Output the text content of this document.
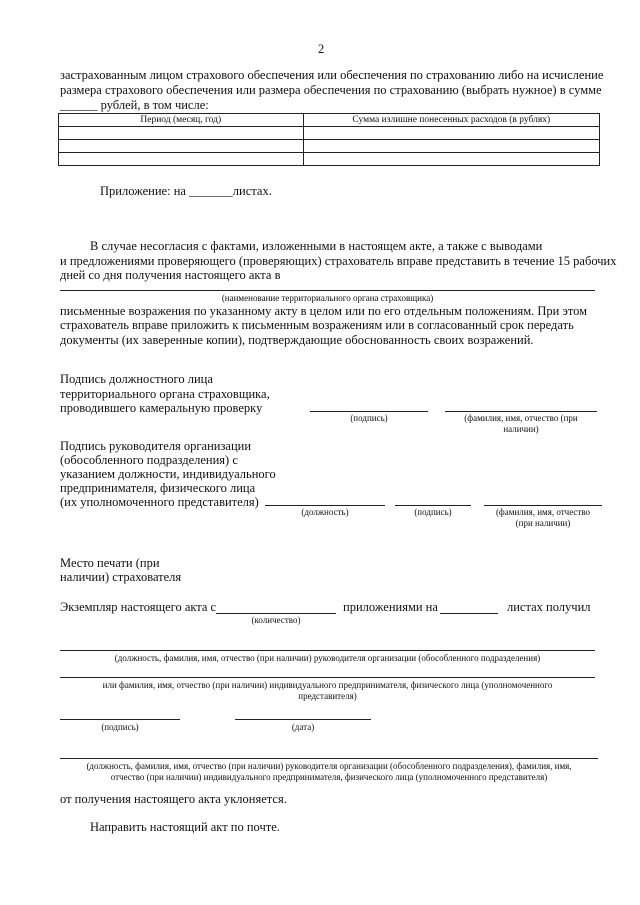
2
застрахованным лицом страхового обеспечения или обеспечения по страхованию либо на исчисление
размера страхового обеспечения или размера обеспечения по страхованию (выбрать нужное) в сумме
______ рублей, в том числе:
Период (месяц, год)	Сумма излишне понесенных расходов (в рублях)

Приложение: на _______листах.
В случае несогласия с фактами, изложенными в настоящем акте, а также с выводами
и предложениями проверяющего (проверяющих) страхователь вправе представить в течение 15 рабочих
дней со дня получения настоящего акта в
(наименование территориального органа страховщика)
письменные возражения по указанному акту в целом или по его отдельным положениям. При этом
страхователь вправе приложить к письменным возражениям или в согласованный срок передать
документы (их заверенные копии), подтверждающие обоснованность своих возражений.
Подпись должностного лица
территориального органа страховщика,
проводившего камеральную проверку
(подпись)	(фамилия, имя, отчество (при
наличии)
Подпись руководителя организации
(обособленного подразделения) с
указанием должности, индивидуального
предпринимателя, физического лица
(их уполномоченного представителя)
(должность)	(подпись)	(фамилия, имя, отчество
(при наличии)
Место печати (при
наличии) страхователя
Экземпляр настоящего акта с
(количество)
приложениями на	листах получил
(должность, фамилия, имя, отчество (при наличии) руководителя организации (обособленного подразделения)
или фамилия, имя, отчество (при наличии) индивидуального предпринимателя, физического лица (уполномоченного
представителя)
(подпись)	(дата)
(должность, фамилия, имя, отчество (при наличии) руководителя организации (обособленного подразделения), фамилия, имя,
отчество (при наличии) индивидуального предпринимателя, физического лица (уполномоченного представителя)
от получения настоящего акта уклоняется.
Направить настоящий акт по почте.
